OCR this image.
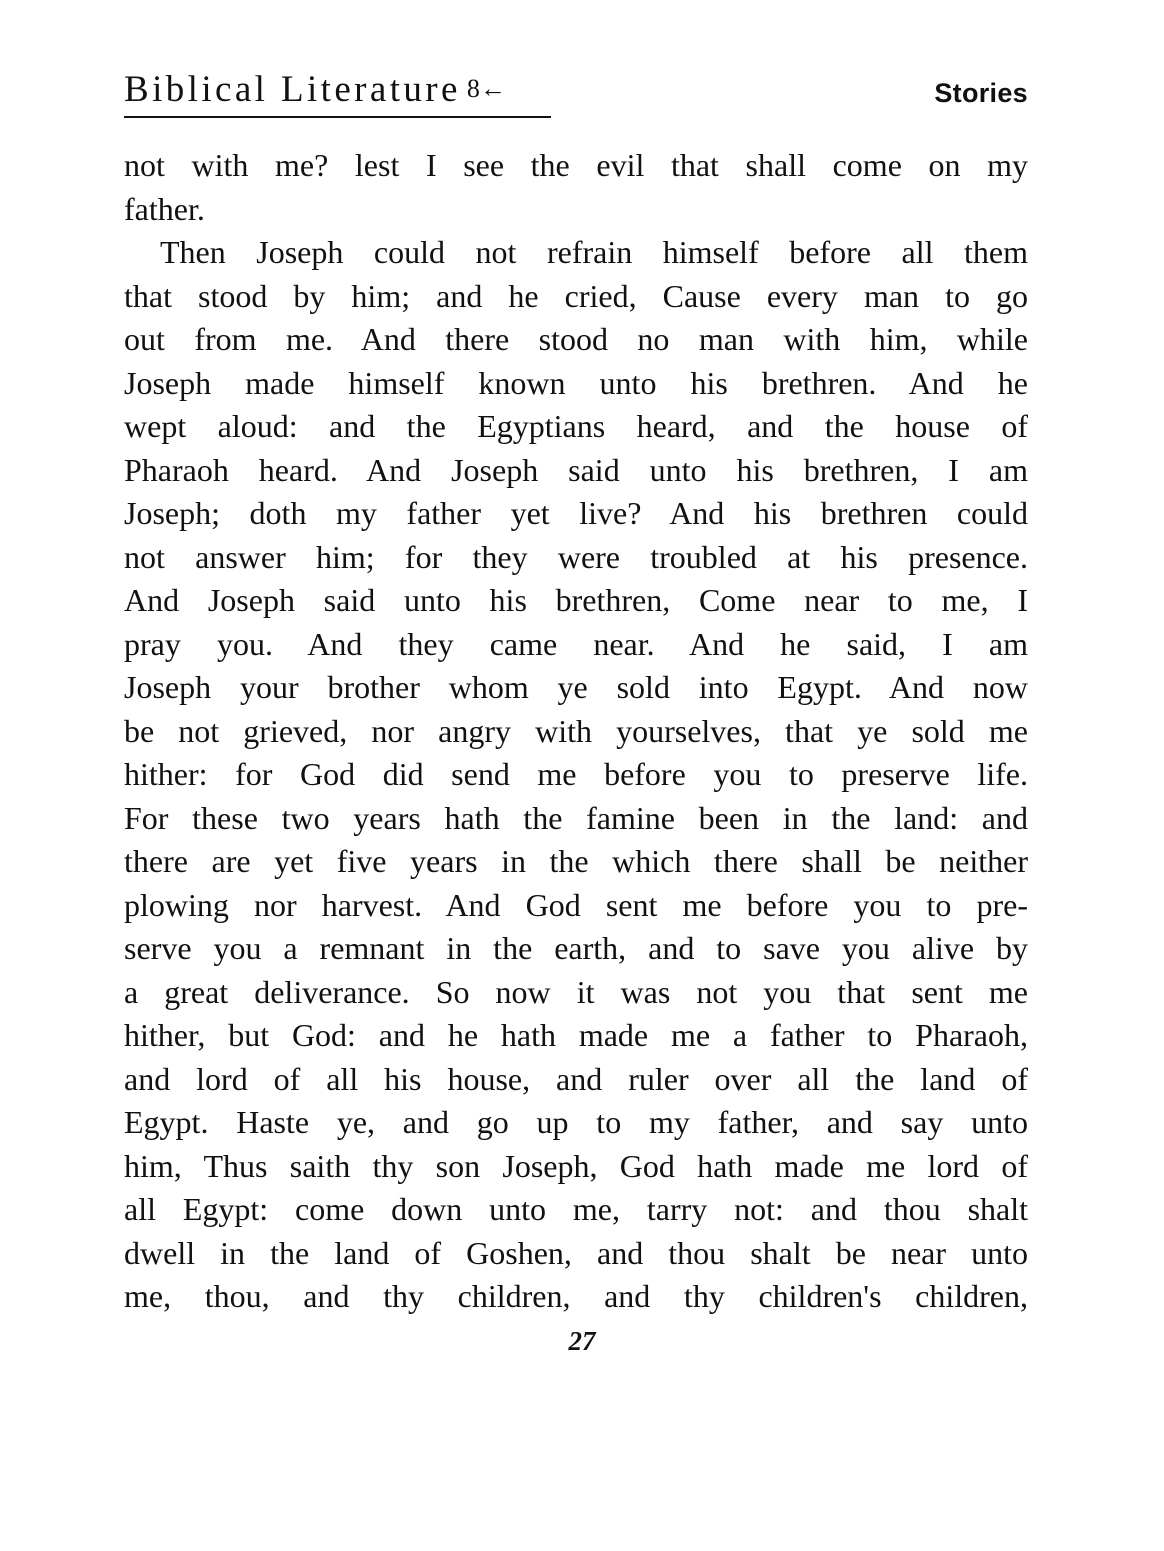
Biblical Literature 8←	Stories
not with me? lest I see the evil that shall come on my
father.
Then Joseph could not refrain himself before all them
that stood by him; and he cried, Cause every man to go
out from me. And there stood no man with him, while
Joseph made himself known unto his brethren. And he
wept aloud: and the Egyptians heard, and the house of
Pharaoh heard. And Joseph said unto his brethren, I am
Joseph; doth my father yet live? And his brethren could
not answer him; for they were troubled at his presence.
And Joseph said unto his brethren, Come near to me, I
pray you. And they came near. And he said, I am
Joseph your brother whom ye sold into Egypt. And now
be not grieved, nor angry with yourselves, that ye sold me
hither: for God did send me before you to preserve life.
For these two years hath the famine been in the land: and
there are yet five years in the which there shall be neither
plowing nor harvest. And God sent me before you to pre-
serve you a remnant in the earth, and to save you alive by
a great deliverance. So now it was not you that sent me
hither, but God: and he hath made me a father to Pharaoh,
and lord of all his house, and ruler over all the land of
Egypt. Haste ye, and go up to my father, and say unto
him, Thus saith thy son Joseph, God hath made me lord of
all Egypt: come down unto me, tarry not: and thou shalt
dwell in the land of Goshen, and thou shalt be near unto
me, thou, and thy children, and thy children's children,
27
